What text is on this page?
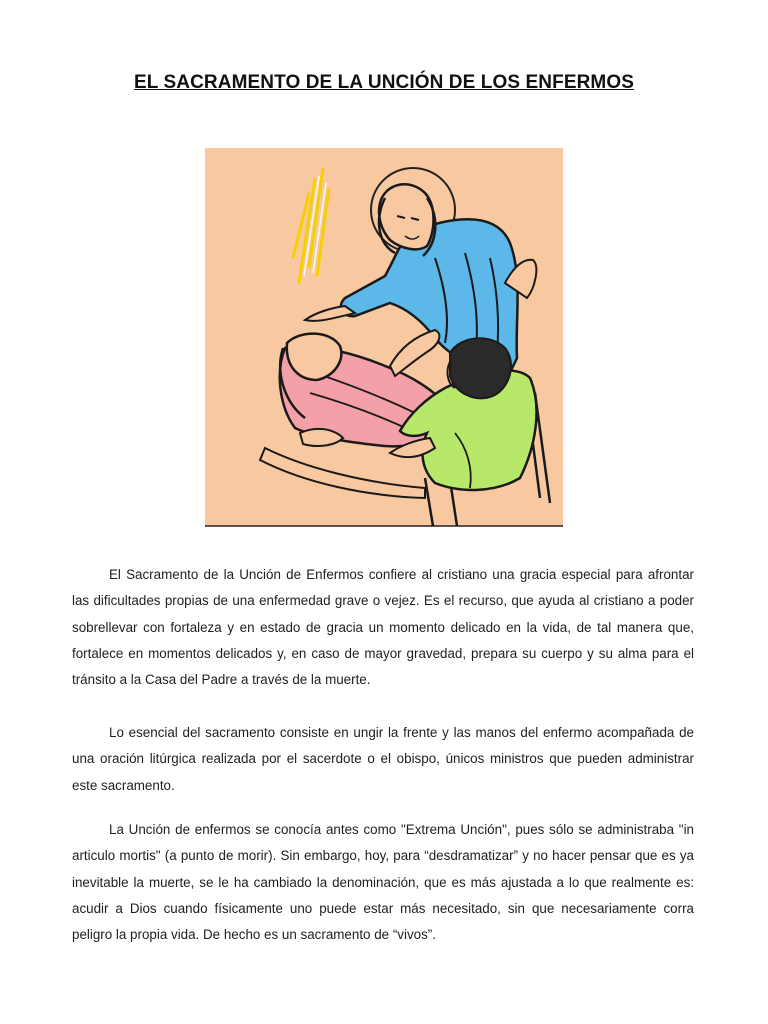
EL SACRAMENTO DE LA UNCIÓN DE LOS ENFERMOS

El Sacramento de la Unción de Enfermos confiere al cristiano una gracia especial para afrontar las dificultades propias de una enfermedad grave o vejez. Es el recurso, que ayuda al cristiano a poder sobrellevar con fortaleza y en estado de gracia un momento delicado en la vida, de tal manera que, fortalece en momentos delicados y, en caso de mayor gravedad, prepara su cuerpo y su alma para el tránsito a la Casa del Padre a través de la muerte.

Lo esencial del sacramento consiste en ungir la frente y las manos del enfermo acompañada de una oración litúrgica realizada por el sacerdote o el obispo, únicos ministros que pueden administrar este sacramento.

La Unción de enfermos se conocía antes como "Extrema Unción", pues sólo se administraba "in articulo mortis" (a punto de morir). Sin embargo, hoy, para “desdramatizar” y no hacer pensar que es ya inevitable la muerte, se le ha cambiado la denominación, que es más ajustada a lo que realmente es: acudir a Dios cuando físicamente uno puede estar más necesitado, sin que necesariamente corra peligro la propia vida. De hecho es un sacramento de “vivos”.
